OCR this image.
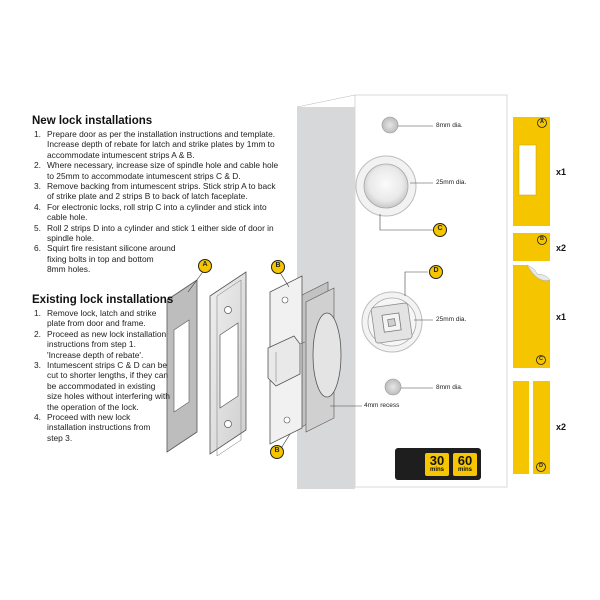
New lock installations
1. Prepare door as per the installation instructions and template.
Increase depth of rebate for latch and strike plates by 1mm to
accommodate intumescent strips A & B.
2. Where necessary, increase size of spindle hole and cable hole
to 25mm to accommodate intumescent strips C & D.
3. Remove backing from intumescent strips. Stick strip A to back
of strike plate and 2 strips B to back of latch faceplate.
4. For electronic locks, roll strip C into a cylinder and stick into
cable hole.
5. Roll 2 strips D into a cylinder and stick 1 either side of door in
spindle hole.
6. Squirt fire resistant silicone around
fixing bolts in top and bottom
8mm holes.
Existing lock installations
1. Remove lock, latch and strike
plate from door and frame.
2. Proceed as new lock installation
instructions from step 1.
'Increase depth of rebate'.
3. Intumescent strips C & D can be
cut to shorter lengths, if they can
be accommodated in existing
size holes without interfering with
the operation of the lock.
4. Proceed with new lock
installation instructions from
step 3.
8mm dia.
25mm dia.
25mm dia.
8mm dia.
4mm recess
A	B
B
C
D
A
B
C
D
x1
x2
x1
x2
30
mins
60
mins
